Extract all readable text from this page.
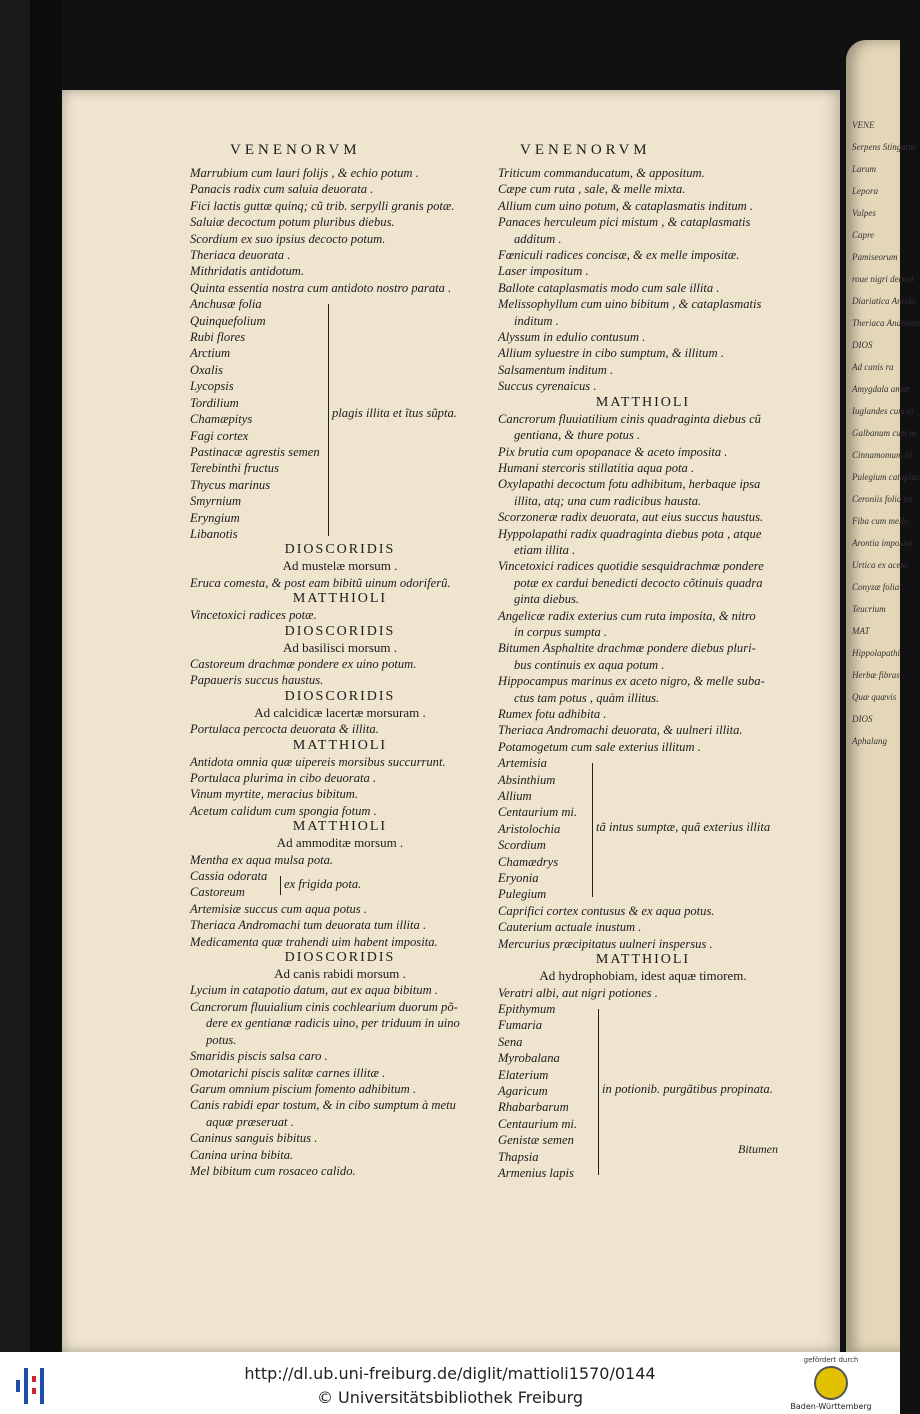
VENE
Serpens Stingatur
Larum
Lepora
Vulpes
Capre
Pamiseorum
roue nigri decoct
Diariatica Antido
Theriaca Androma
DIOS
Ad canis ra
Amygdala amar
Iuglandes cum ci
Galbanum cum m
Cinnamomum iii
Pulegium cataplas
Ceroniis folia im
Fiba cum melle,
Arontia imposita.
Urtica ex aceto
Conyzæ folia
Teucrium
MAT
Hippolapathi
Herbæ fibras
Quæ quævis
DIOS
Aphalang
VENENORVM	VENENORVM
Marrubium cum lauri folijs , & echio potum .
Panacis radix cum saluia deuorata .
Fici lactis guttæ quinq; cũ trib. serpylli granis potæ.
Saluiæ decoctum potum pluribus diebus.
Scordium ex suo ipsius decocto potum.
Theriaca deuorata .
Mithridatis antidotum.
Quinta essentia nostra cum antidoto nostro parata .
Anchusæ folia
Quinquefolium
Rubi flores
Arctium
Oxalis
Lycopsis
Tordilium
Chamæpitys
Fagi cortex
Pastinacæ agrestis semen
Terebinthi fructus
Thycus marinus
Smyrnium
Eryngium
Libanotis
plagis illita et ĩtus sũpta.
DIOSCORIDIS
Ad mustelæ morsum .
Eruca comesta, & post eam bibitũ uinum odoriferũ.
MATTHIOLI
Vincetoxici radices potæ.
DIOSCORIDIS
Ad basilisci morsum .
Castoreum drachmæ pondere ex uino potum.
Papaueris succus haustus.
DIOSCORIDIS
Ad calcidicæ lacertæ morsuram .
Portulaca percocta deuorata & illita.
MATTHIOLI
Antidota omnia quæ uipereis morsibus succurrunt.
Portulaca plurima in cibo deuorata .
Vinum myrtite, meracius bibitum.
Acetum calidum cum spongia fotum .
MATTHIOLI
Ad ammoditæ morsum .
Mentha ex aqua mulsa pota.
Cassia odorata
Castoreum
ex frigida pota.
Artemisiæ succus cum aqua potus .
Theriaca Andromachi tum deuorata tum illita .
Medicamenta quæ trahendi uim habent imposita.
DIOSCORIDIS
Ad canis rabidi morsum .
Lycium in catapotio datum, aut ex aqua bibitum .
Cancrorum fluuialium cinis cochlearium duorum põ-
dere ex gentianæ radicis uino, per triduum in uino
potus.
Smaridis piscis salsa caro .
Omotarichi piscis salitæ carnes illitæ .
Garum omnium piscium fomento adhibitum .
Canis rabidi epar tostum, & in cibo sumptum à metu
aquæ præseruat .
Caninus sanguis bibitus .
Canina urina bibita.
Mel bibitum cum rosaceo calido.
Triticum commanducatum, & appositum.
Cæpe cum ruta , sale, & melle mixta.
Allium cum uino potum, & cataplasmatis inditum .
Panaces herculeum pici mistum , & cataplasmatis
additum .
Fœniculi radices concisæ, & ex melle impositæ.
Laser impositum .
Ballote cataplasmatis modo cum sale illita .
Melissophyllum cum uino bibitum , & cataplasmatis
inditum .
Alyssum in edulio contusum .
Allium syluestre in cibo sumptum, & illitum .
Salsamentum inditum .
Succus cyrenaicus .
MATTHIOLI
Cancrorum fluuiatilium cinis quadraginta diebus cũ
gentiana, & thure potus .
Pix brutia cum opopanace & aceto imposita .
Humani stercoris stillatitia aqua pota .
Oxylapathi decoctum fotu adhibitum, herbaque ipsa
illita, atq; una cum radicibus hausta.
Scorzoneræ radix deuorata, aut eius succus haustus.
Hyppolapathi radix quadraginta diebus pota , atque
etiam illita .
Vincetoxici radices quotidie sesquidrachmæ pondere
potæ ex cardui benedicti decocto cõtinuis quadra
ginta diebus.
Angelicæ radix exterius cum ruta imposita, & nitro
in corpus sumpta .
Bitumen Asphaltite drachmæ pondere diebus pluri-
bus continuis ex aqua potum .
Hippocampus marinus ex aceto nigro, & melle suba-
ctus tam potus , quàm illitus.
Rumex fotu adhibita .
Theriaca Andromachi deuorata, & uulneri illita.
Potamogetum cum sale exterius illitum .
Artemisia
Absinthium
Allium
Centaurium mi.
Aristolochia
Scordium
Chamædrys
Eryonia
Pulegium
tã intus sumptæ, quã exterius illita
Caprifici cortex contusus & ex aqua potus.
Cauterium actuale inustum .
Mercurius præcipitatus uulneri inspersus .
MATTHIOLI
Ad hydrophobiam, idest aquæ timorem.
Veratri albi, aut nigri potiones .
Epithymum
Fumaria
Sena
Myrobalana
Elaterium
Agaricum
Rhabarbarum
Centaurium mi.
Genistæ semen
Thapsia
Armenius lapis
in potionib. purgãtibus propinata.
Bitumen
http://dl.ub.uni-freiburg.de/diglit/mattioli1570/0144
© Universitätsbibliothek Freiburg
gefördert durch
Baden-Württemberg
